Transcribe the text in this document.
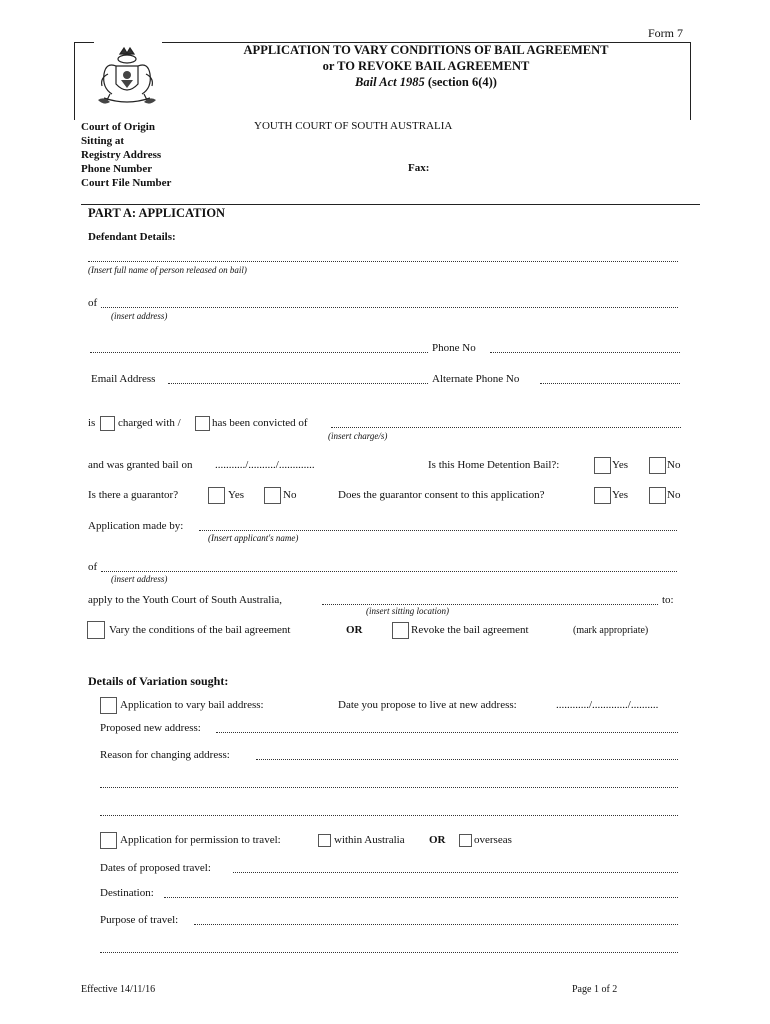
Form 7
APPLICATION TO VARY CONDITIONS OF BAIL AGREEMENT
or TO REVOKE BAIL AGREEMENT
Bail Act 1985 (section 6(4))
Court of Origin
Sitting at
Registry Address
Phone Number
Court File Number
YOUTH COURT OF SOUTH AUSTRALIA
Fax:
PART A: APPLICATION
Defendant Details:
(Insert full name of person released on bail)
of
(insert address)
Phone No
Email Address	Alternate Phone No
is charged with /	has been convicted of
(insert charge/s)
and was granted bail on .........../........../.............	Is this Home Detention Bail?:	Yes	No
Is there a guarantor?	Yes	No	Does the guarantor consent to this application?	Yes	No
Application made by:
(Insert applicant's name)
of
(insert address)
apply to the Youth Court of South Australia,	to:
(insert sitting location)
Vary the conditions of the bail agreement	OR	Revoke the bail agreement	(mark appropriate)
Details of Variation sought:
Application to vary bail address:	Date you propose to live at new address:	............/............./..........
Proposed new address:
Reason for changing address:
Application for permission to travel:	within Australia OR	overseas
Dates of proposed travel:
Destination:
Purpose of travel:
Effective 14/11/16	Page 1 of 2
